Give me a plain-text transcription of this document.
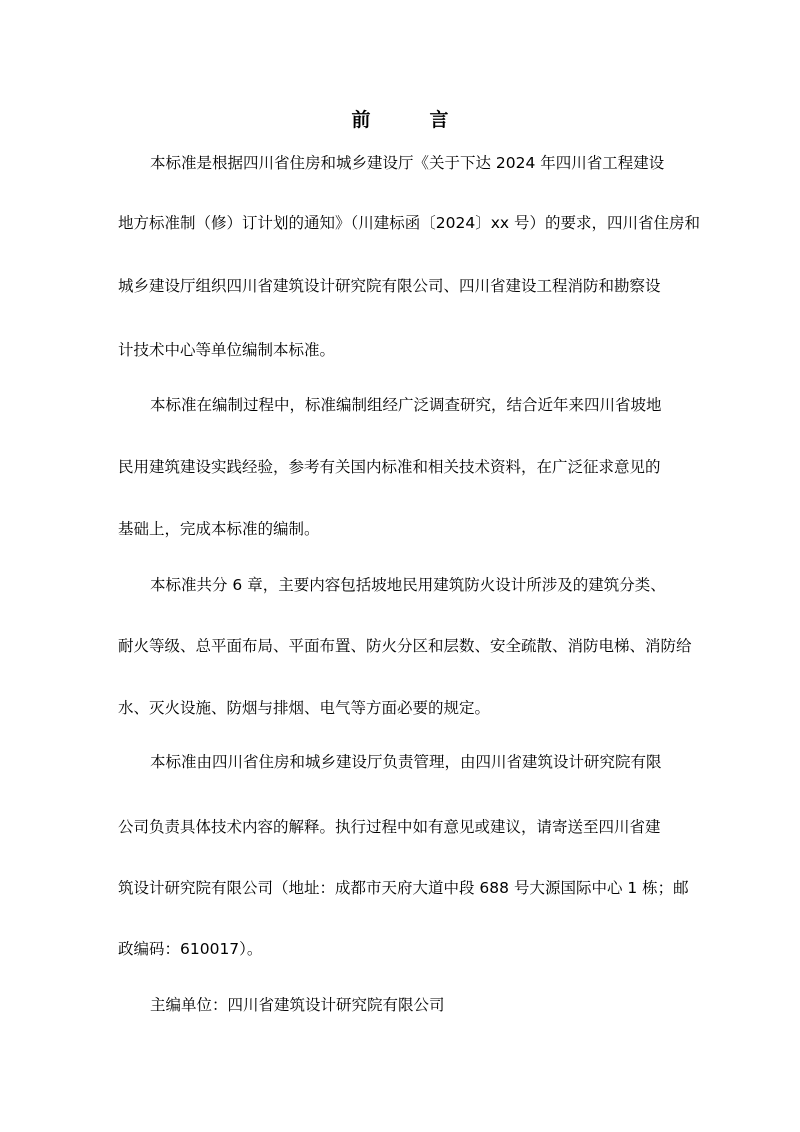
前　言
本标准是根据四川省住房和城乡建设厅《关于下达 2024 年四川省工程建设
地方标准制（修）订计划的通知》（川建标函〔2024〕xx 号）的要求，四川省住房和
城乡建设厅组织四川省建筑设计研究院有限公司、四川省建设工程消防和勘察设
计技术中心等单位编制本标准。
本标准在编制过程中，标准编制组经广泛调查研究，结合近年来四川省坡地
民用建筑建设实践经验，参考有关国内标准和相关技术资料，在广泛征求意见的
基础上，完成本标准的编制。
本标准共分 6 章，主要内容包括坡地民用建筑防火设计所涉及的建筑分类、
耐火等级、总平面布局、平面布置、防火分区和层数、安全疏散、消防电梯、消防给
水、灭火设施、防烟与排烟、电气等方面必要的规定。
本标准由四川省住房和城乡建设厅负责管理，由四川省建筑设计研究院有限
公司负责具体技术内容的解释。执行过程中如有意见或建议，请寄送至四川省建
筑设计研究院有限公司（地址：成都市天府大道中段 688 号大源国际中心 1 栋；邮
政编码：610017）。
主编单位：四川省建筑设计研究院有限公司
